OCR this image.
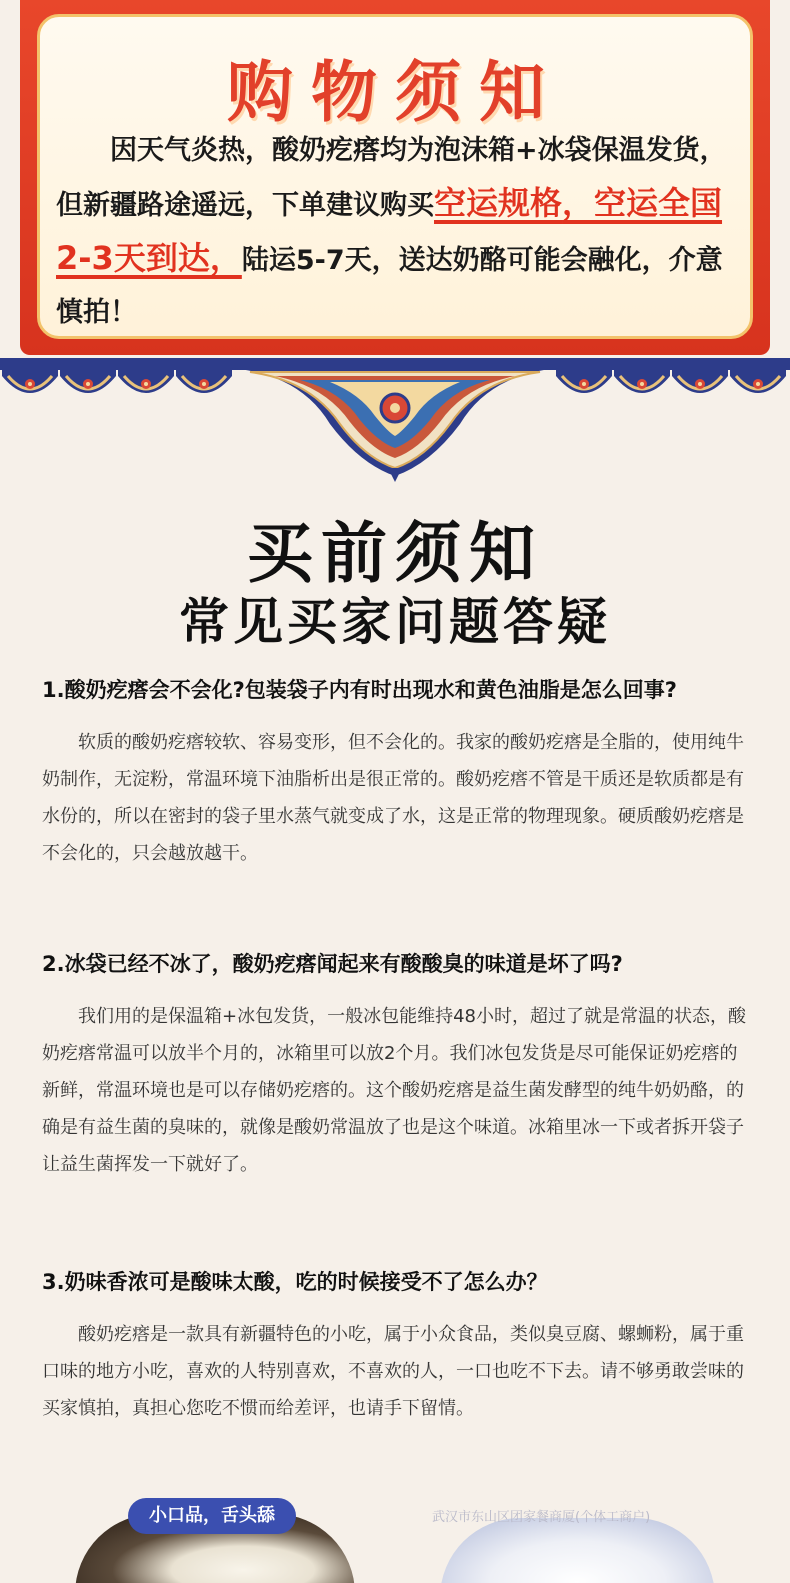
购物须知
因天气炎热，酸奶疙瘩均为泡沫箱+冰袋保温发货，但新疆路途遥远，下单建议购买空运规格，空运全国2-3天到达，陆运5-7天，送达奶酪可能会融化，介意慎拍！
买前须知
常见买家问题答疑
1.酸奶疙瘩会不会化?包装袋子内有时出现水和黄色油脂是怎么回事?
软质的酸奶疙瘩较软、容易变形，但不会化的。我家的酸奶疙瘩是全脂的，使用纯牛奶制作，无淀粉，常温环境下油脂析出是很正常的。酸奶疙瘩不管是干质还是软质都是有水份的，所以在密封的袋子里水蒸气就变成了水，这是正常的物理现象。硬质酸奶疙瘩是不会化的，只会越放越干。
2.冰袋已经不冰了，酸奶疙瘩闻起来有酸酸臭的味道是坏了吗?
我们用的是保温箱+冰包发货，一般冰包能维持48小时，超过了就是常温的状态，酸奶疙瘩常温可以放半个月的，冰箱里可以放2个月。我们冰包发货是尽可能保证奶疙瘩的新鲜，常温环境也是可以存储奶疙瘩的。这个酸奶疙瘩是益生菌发酵型的纯牛奶奶酪，的确是有益生菌的臭味的，就像是酸奶常温放了也是这个味道。冰箱里冰一下或者拆开袋子让益生菌挥发一下就好了。
3.奶味香浓可是酸味太酸，吃的时候接受不了怎么办？
酸奶疙瘩是一款具有新疆特色的小吃，属于小众食品，类似臭豆腐、螺蛳粉，属于重口味的地方小吃，喜欢的人特别喜欢，不喜欢的人，一口也吃不下去。请不够勇敢尝味的买家慎拍，真担心您吃不惯而给差评，也请手下留情。
小口品，舌头舔	武汉市东山区团家餐商厦(个体工商户)
